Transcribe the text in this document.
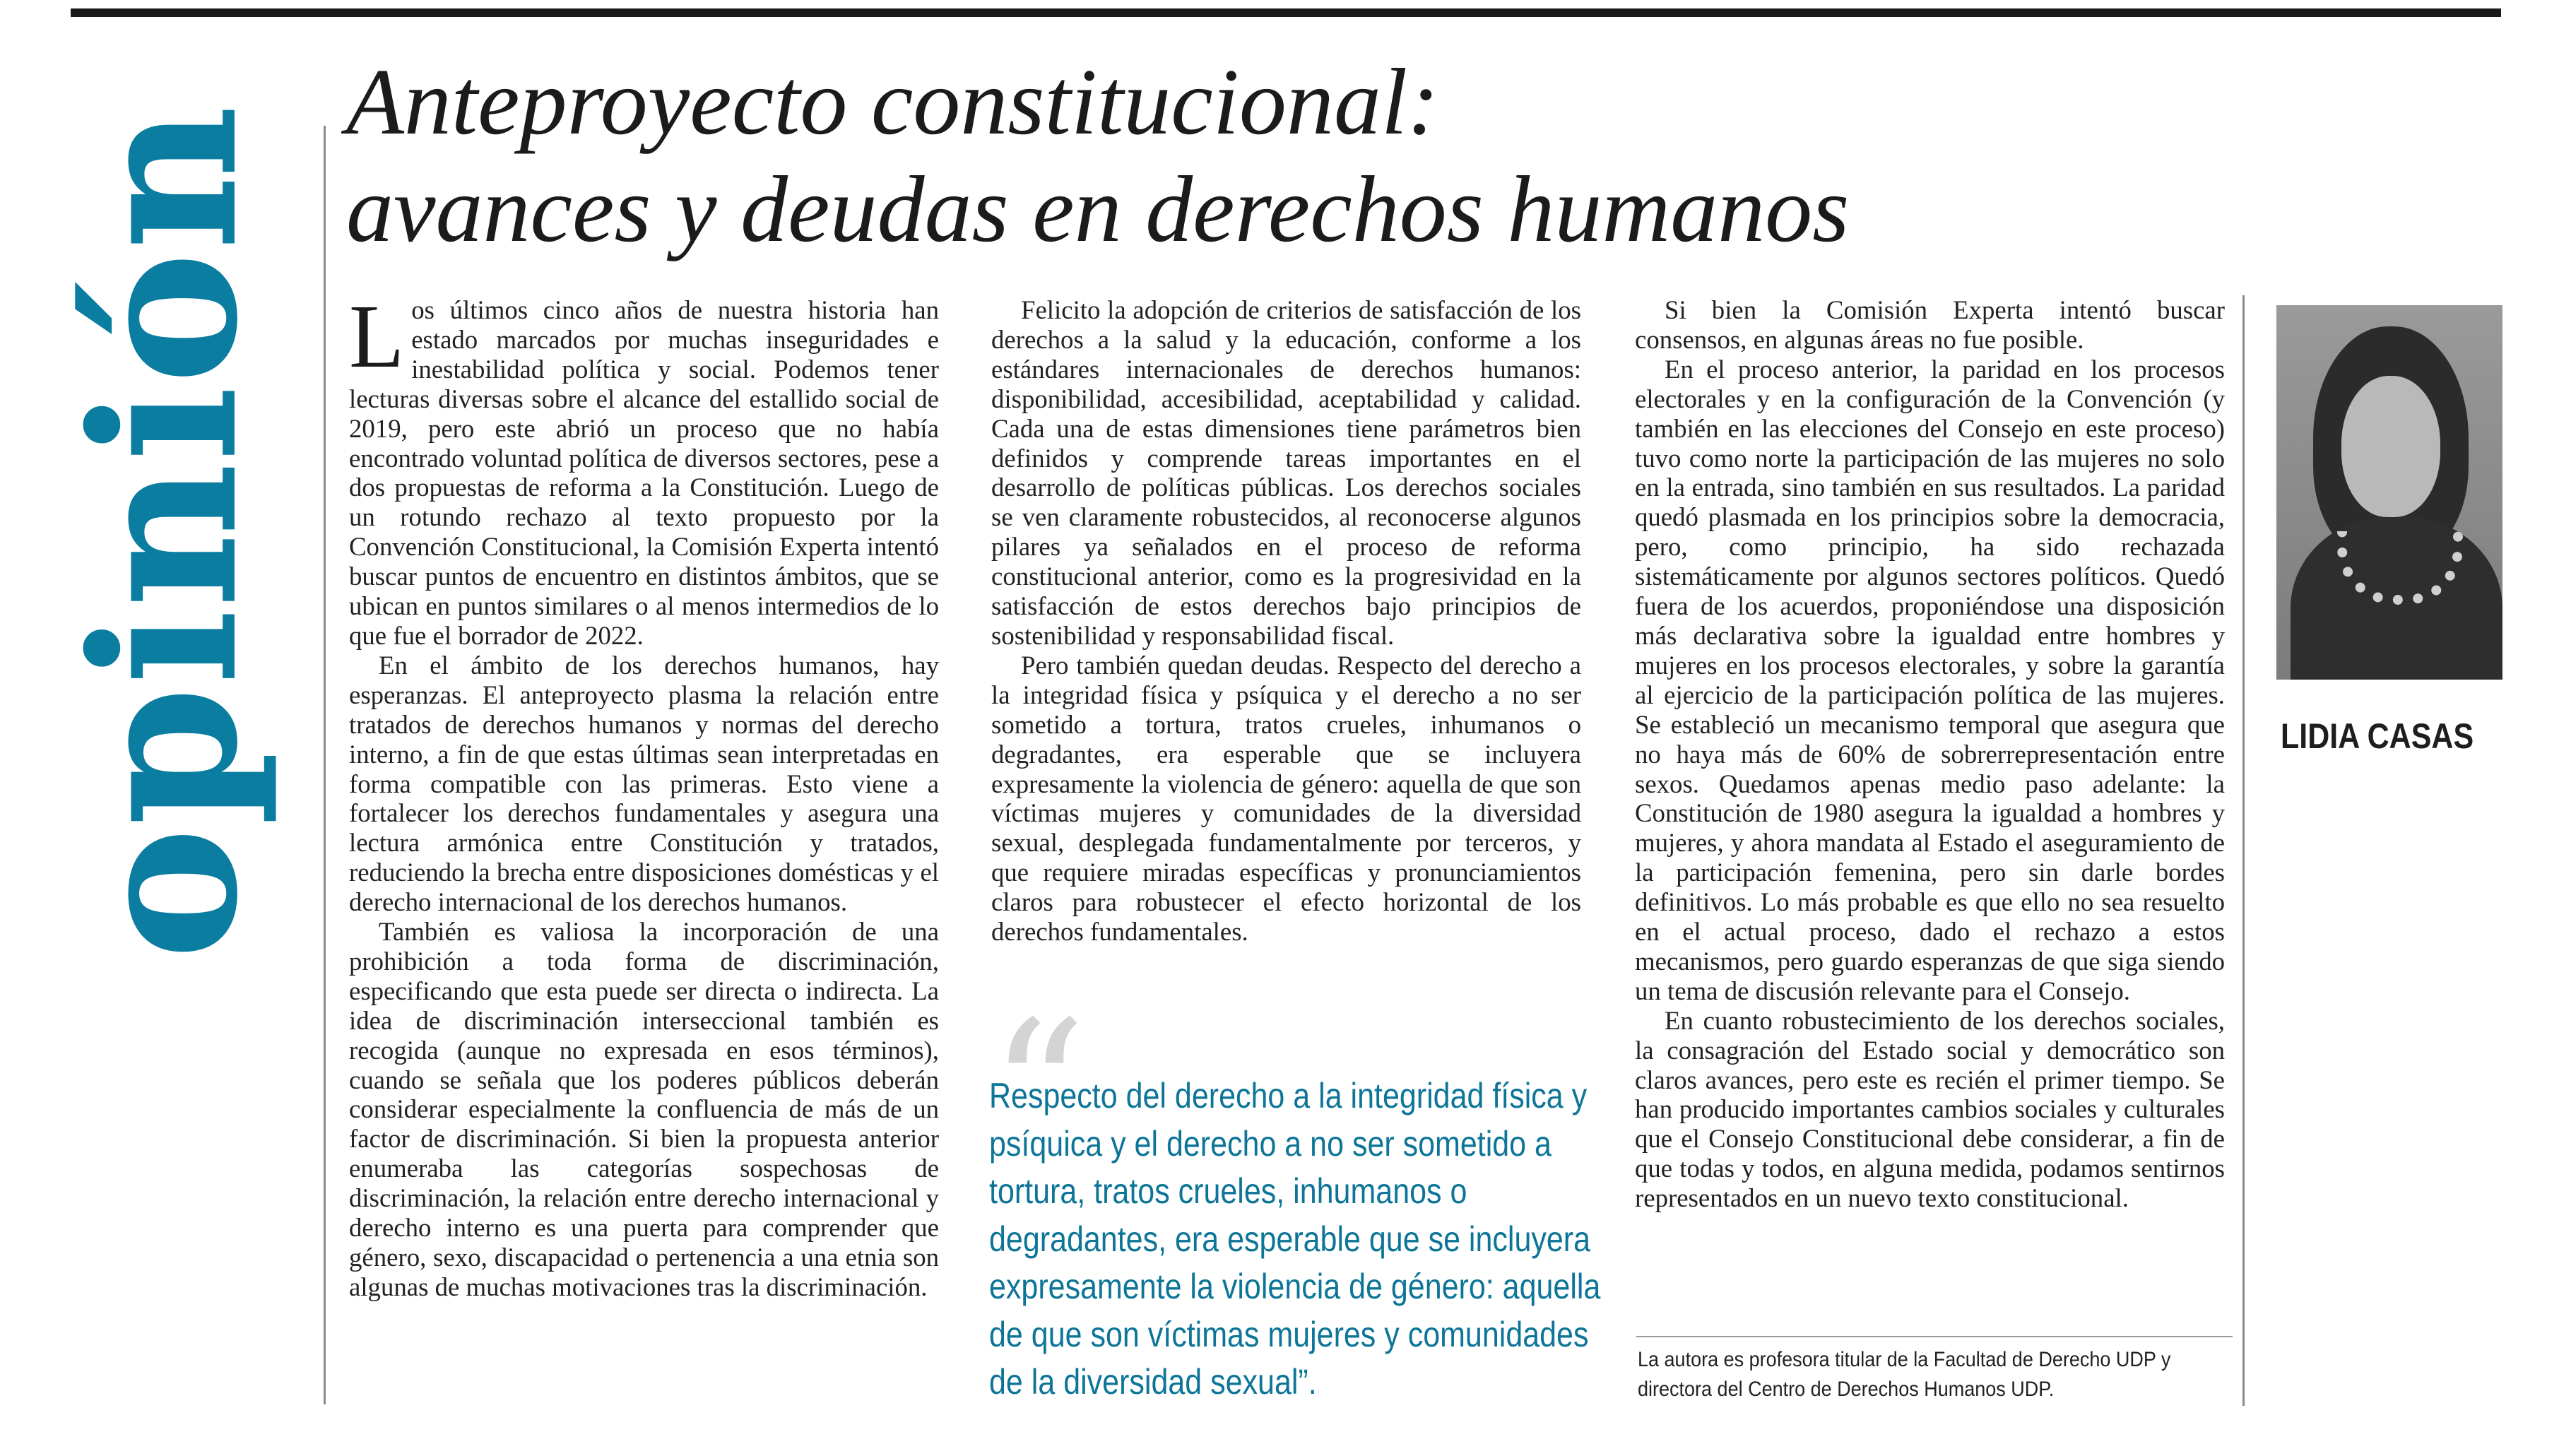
opinión
Anteproyecto constitucional:
avances y deudas en derechos humanos

Los últimos cinco años de nuestra historia han estado marcados por muchas inseguridades e inestabilidad política y social. Podemos tener lecturas diversas sobre el alcance del estallido social de 2019, pero este abrió un proceso que no había encontrado voluntad política de diversos sectores, pese a dos propuestas de reforma a la Constitución. Luego de un rotundo rechazo al texto propuesto por la Convención Constitucional, la Comisión Experta intentó buscar puntos de encuentro en distintos ámbitos, que se ubican en puntos similares o al menos intermedios de lo que fue el borrador de 2022.

En el ámbito de los derechos humanos, hay esperanzas. El anteproyecto plasma la relación entre tratados de derechos humanos y normas del derecho interno, a fin de que estas últimas sean interpretadas en forma compatible con las primeras. Esto viene a fortalecer los derechos fundamentales y asegura una lectura armónica entre Constitución y tratados, reduciendo la brecha entre disposiciones domésticas y el derecho internacional de los derechos humanos.

También es valiosa la incorporación de una prohibición a toda forma de discriminación, especificando que esta puede ser directa o indirecta. La idea de discriminación interseccional también es recogida (aunque no expresada en esos términos), cuando se señala que los poderes públicos deberán considerar especialmente la confluencia de más de un factor de discriminación. Si bien la propuesta anterior enumeraba las categorías sospechosas de discriminación, la relación entre derecho internacional y derecho interno es una puerta para comprender que género, sexo, discapacidad o pertenencia a una etnia son algunas de muchas motivaciones tras la discriminación.

Felicito la adopción de criterios de satisfacción de los derechos a la salud y la educación, conforme a los estándares internacionales de derechos humanos: disponibilidad, accesibilidad, aceptabilidad y calidad. Cada una de estas dimensiones tiene parámetros bien definidos y comprende tareas importantes en el desarrollo de políticas públicas. Los derechos sociales se ven claramente robustecidos, al reconocerse algunos pilares ya señalados en el proceso de reforma constitucional anterior, como es la progresividad en la satisfacción de estos derechos bajo principios de sostenibilidad y responsabilidad fiscal.

Pero también quedan deudas. Respecto del derecho a la integridad física y psíquica y el derecho a no ser sometido a tortura, tratos crueles, inhumanos o degradantes, era esperable que se incluyera expresamente la violencia de género: aquella de que son víctimas mujeres y comunidades de la diversidad sexual, desplegada fundamentalmente por terceros, y que requiere miradas específicas y pronunciamientos claros para robustecer el efecto horizontal de los derechos fundamentales.

“

Respecto del derecho a la integridad física y
psíquica y el derecho a no ser sometido a
tortura, tratos crueles, inhumanos o
degradantes, era esperable que se incluyera
expresamente la violencia de género: aquella
de que son víctimas mujeres y comunidades
de la diversidad sexual”.

Si bien la Comisión Experta intentó buscar consensos, en algunas áreas no fue posible.

En el proceso anterior, la paridad en los procesos electorales y en la configuración de la Convención (y también en las elecciones del Consejo en este proceso) tuvo como norte la participación de las mujeres no solo en la entrada, sino también en sus resultados. La paridad quedó plasmada en los principios sobre la democracia, pero, como principio, ha sido rechazada sistemáticamente por algunos sectores políticos. Quedó fuera de los acuerdos, proponiéndose una disposición más declarativa sobre la igualdad entre hombres y mujeres en los procesos electorales, y sobre la garantía al ejercicio de la participación política de las mujeres. Se estableció un mecanismo temporal que asegura que no haya más de 60% de sobrerrepresentación entre sexos. Quedamos apenas medio paso adelante: la Constitución de 1980 asegura la igualdad a hombres y mujeres, y ahora mandata al Estado el aseguramiento de la participación femenina, pero sin darle bordes definitivos. Lo más probable es que ello no sea resuelto en el actual proceso, dado el rechazo a estos mecanismos, pero guardo esperanzas de que siga siendo un tema de discusión relevante para el Consejo.

En cuanto robustecimiento de los derechos sociales, la consagración del Estado social y democrático son claros avances, pero este es recién el primer tiempo. Se han producido importantes cambios sociales y culturales que el Consejo Constitucional debe considerar, a fin de que todas y todos, en alguna medida, podamos sentirnos representados en un nuevo texto constitucional.

LIDIA CASAS

La autora es profesora titular de la Facultad de Derecho UDP y
directora del Centro de Derechos Humanos UDP.
